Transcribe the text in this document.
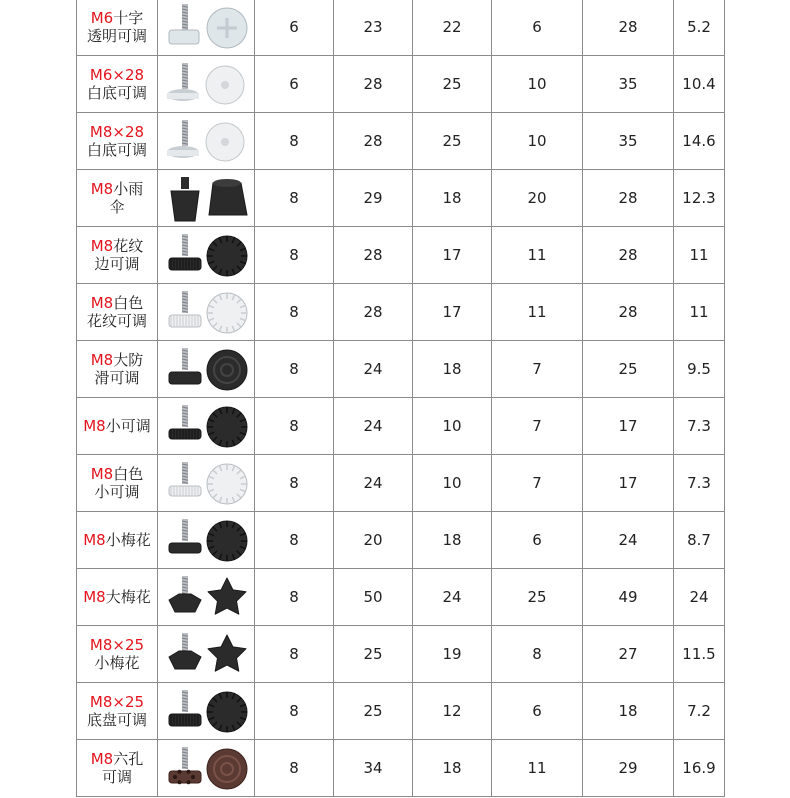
M6十字
透明可调		6	23	22	6	28	5.2

M6×28
白底可调		6	28	25	10	35	10.4

M8×28
白底可调		8	28	25	10	35	14.6

M8小雨
伞		8	29	18	20	28	12.3

M8花纹
边可调		8	28	17	11	28	11

M8白色
花纹可调		8	28	17	11	28	11

M8大防
滑可调		8	24	18	7	25	9.5

M8小可调		8	24	10	7	17	7.3

M8白色
小可调		8	24	10	7	17	7.3

M8小梅花		8	20	18	6	24	8.7

M8大梅花		8	50	24	25	49	24

M8×25
小梅花		8	25	19	8	27	11.5

M8×25
底盘可调		8	25	12	6	18	7.2

M8六孔
可调		8	34	18	11	29	16.9
